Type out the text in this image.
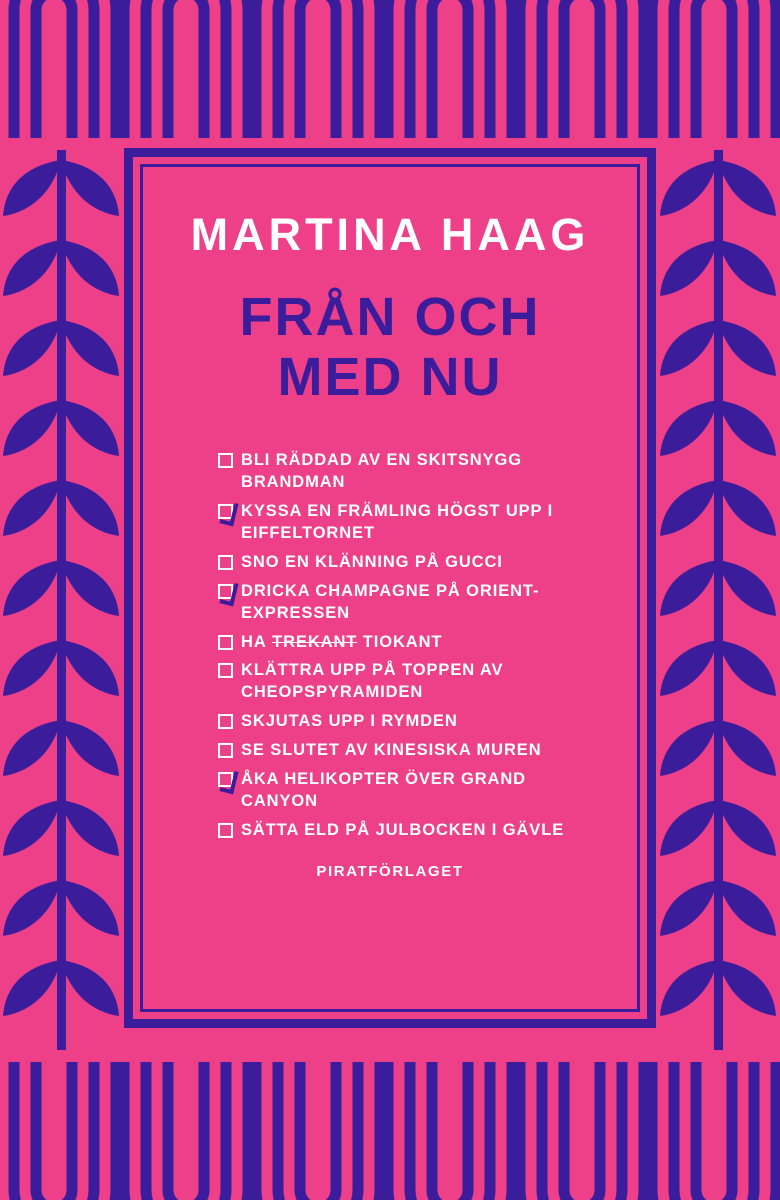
MARTINA HAAG
FRÅN OCH
MED NU
BLI RÄDDAD AV EN SKITSNYGG BRANDMAN
KYSSA EN FRÄMLING HÖGST UPP I EIFFELTORNET
SNO EN KLÄNNING PÅ GUCCI
DRICKA CHAMPAGNE PÅ ORIENT-EXPRESSEN
HA TREKANT TIOKANT
KLÄTTRA UPP PÅ TOPPEN AV CHEOPSPYRAMIDEN
SKJUTAS UPP I RYMDEN
SE SLUTET AV KINESISKA MUREN
ÅKA HELIKOPTER ÖVER GRAND CANYON
SÄTTA ELD PÅ JULBOCKEN I GÄVLE
PIRATFÖRLAGET
